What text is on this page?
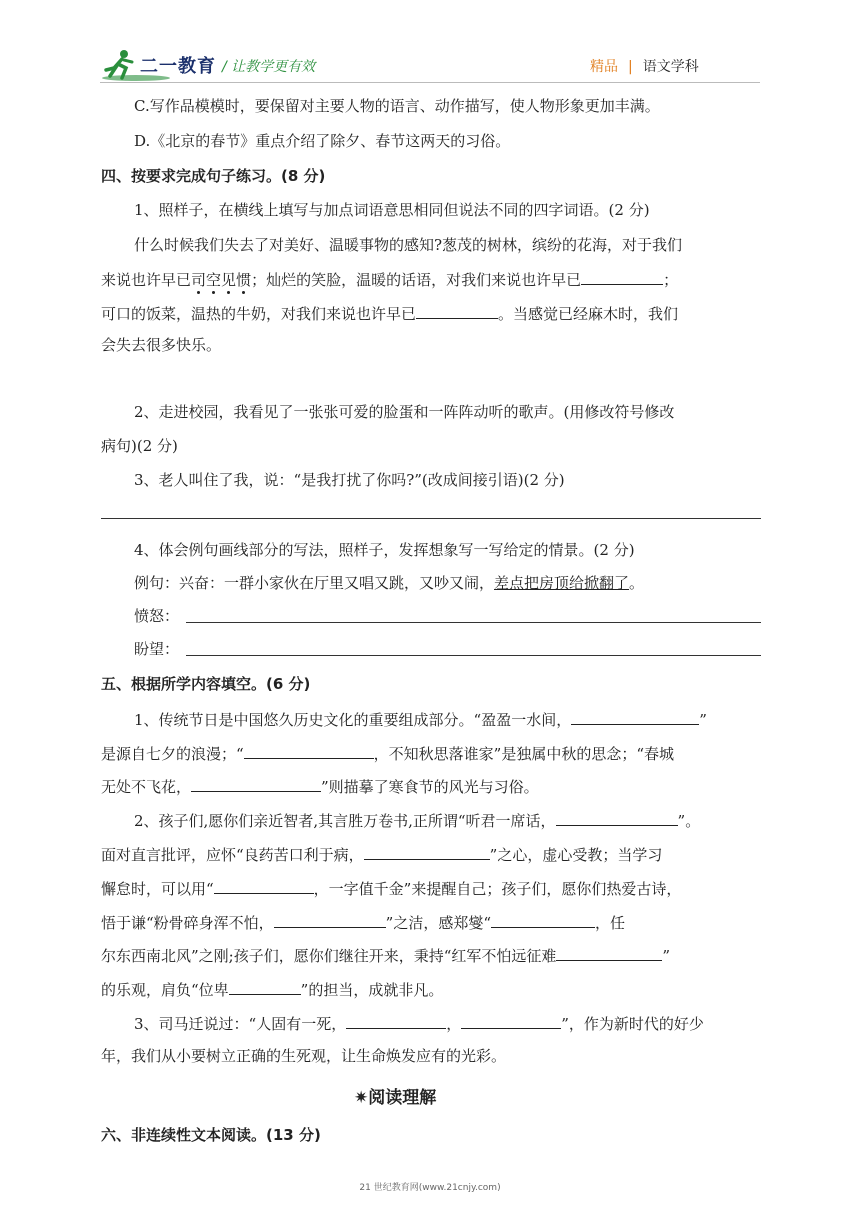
二一教育 / 让教学更有效	精品 | 语文学科
C.写作品模模时，要保留对主要人物的语言、动作描写，使人物形象更加丰满。
D.《北京的春节》重点介绍了除夕、春节这两天的习俗。
四、按要求完成句子练习。(8 分)
1、照样子，在横线上填写与加点词语意思相同但说法不同的四字词语。(2 分)
什么时候我们失去了对美好、温暖事物的感知?葱茂的树林，缤纷的花海，对于我们
来说也许早已司空见惯；灿烂的笑脸，温暖的话语，对我们来说也许早已	；
可口的饭菜，温热的牛奶，对我们来说也许早已	。当感觉已经麻木时，我们
会失去很多快乐。
2、走进校园，我看见了一张张可爱的脸蛋和一阵阵动听的歌声。(用修改符号修改
病句)(2 分)
3、老人叫住了我，说：“是我打扰了你吗?”(改成间接引语)(2 分)
4、体会例句画线部分的写法，照样子，发挥想象写一写给定的情景。(2 分)
例句：兴奋：一群小家伙在厅里又唱又跳，又吵又闹，差点把房顶给掀翻了。
愤怒：
盼望：
五、根据所学内容填空。(6 分)
1、传统节日是中国悠久历史文化的重要组成部分。“盈盈一水间，	”
是源自七夕的浪漫；“	，不知秋思落谁家”是独属中秋的思念；“春城
无处不飞花，	”则描摹了寒食节的风光与习俗。
2、孩子们,愿你们亲近智者,其言胜万卷书,正所谓“听君一席话，	”。
面对直言批评，应怀“良药苦口利于病，	”之心，虚心受教；当学习
懈怠时，可以用“	，一字值千金”来提醒自己；孩子们，愿你们热爱古诗，
悟于谦“粉骨碎身浑不怕，	”之洁，感郑燮“	，任
尔东西南北风”之刚;孩子们，愿你们继往开来，秉持“红军不怕远征难	”
的乐观，肩负“位卑	”的担当，成就非凡。
3、司马迁说过：“人固有一死，	，	”，作为新时代的好少
年，我们从小要树立正确的生死观，让生命焕发应有的光彩。
✷阅读理解
六、非连续性文本阅读。(13 分)
21 世纪教育网(www.21cnjy.com)
